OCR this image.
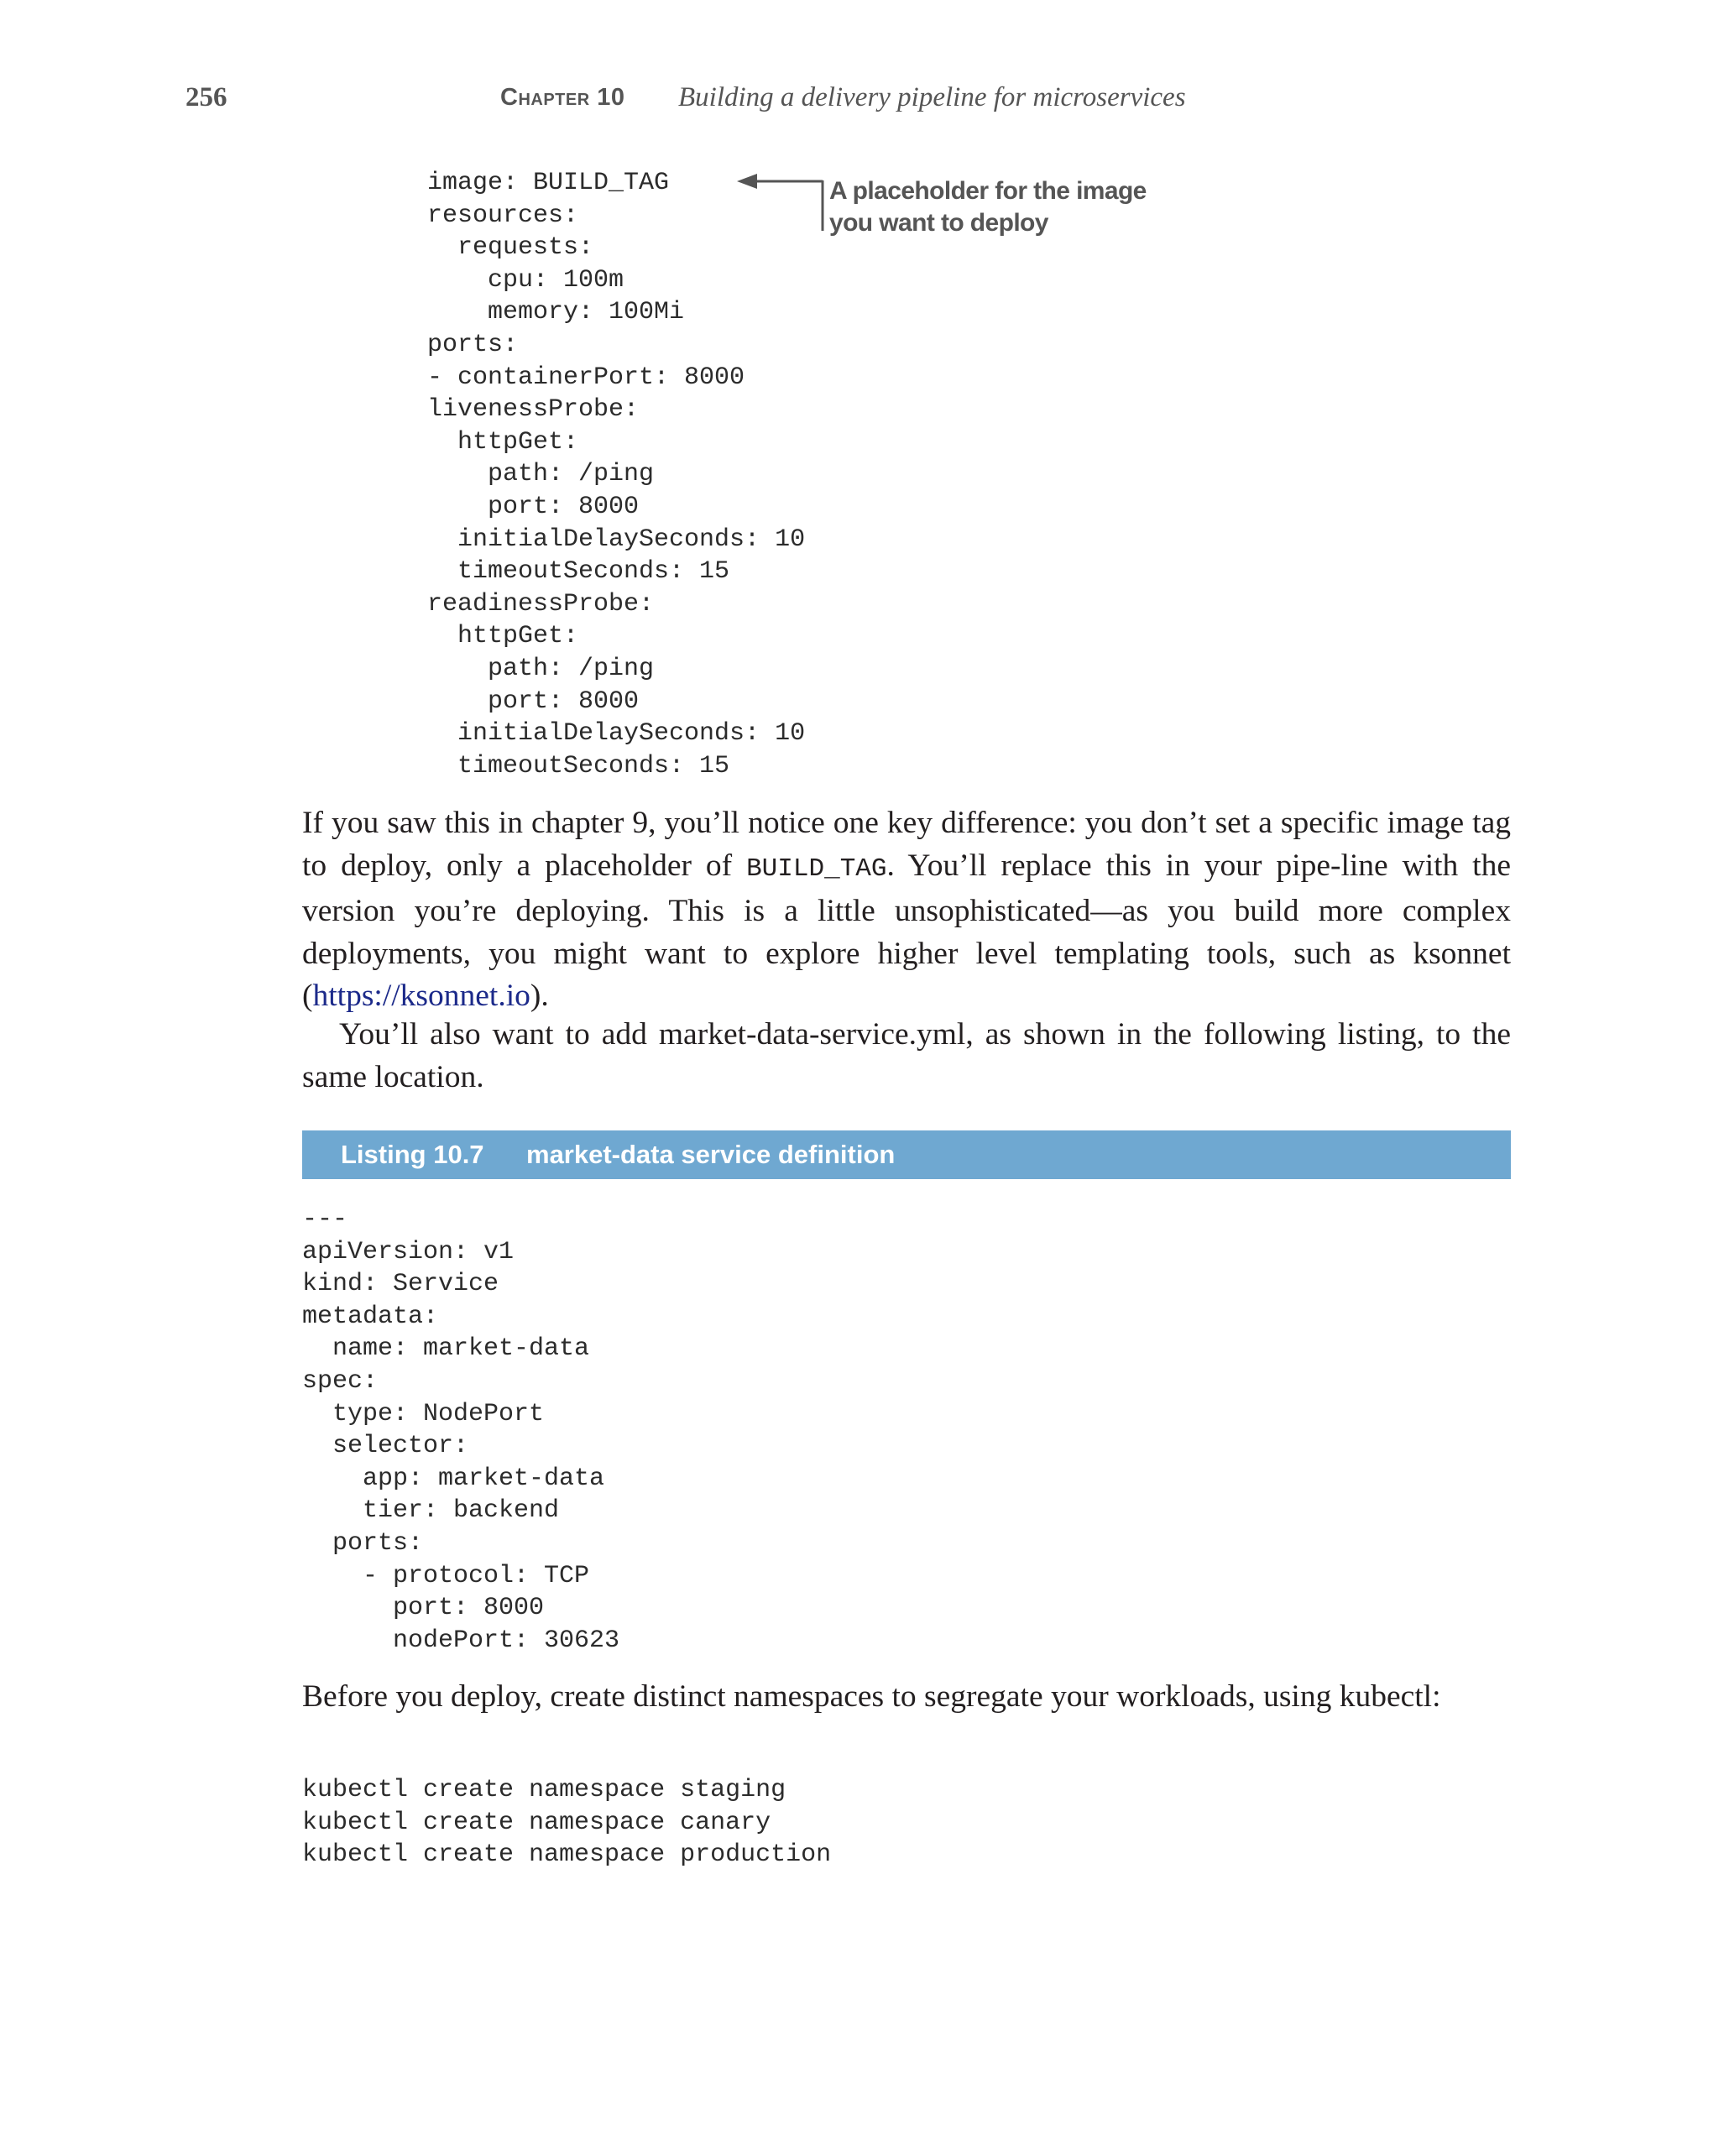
256	Chapter 10 Building a delivery pipeline for microservices
image: BUILD_TAG
resources:
requests:
cpu: 100m
memory: 100Mi
ports:
- containerPort: 8000
livenessProbe:
httpGet:
path: /ping
port: 8000
initialDelaySeconds: 10
timeoutSeconds: 15
readinessProbe:
httpGet:
path: /ping
port: 8000
initialDelaySeconds: 10
timeoutSeconds: 15
A placeholder for the image you want to deploy

If you saw this in chapter 9, you’ll notice one key difference: you don’t set a specific image tag to deploy, only a placeholder of BUILD_TAG. You’ll replace this in your pipe-line with the version you’re deploying. This is a little unsophisticated—as you build more complex deployments, you might want to explore higher level templating tools, such as ksonnet (https://ksonnet.io).

You’ll also want to add market-data-service.yml, as shown in the following listing, to the same location.

Listing 10.7 market-data service definition
---
apiVersion: v1
kind: Service
metadata:
name: market-data
spec:
type: NodePort
selector:
app: market-data
tier: backend
ports:
- protocol: TCP
port: 8000
nodePort: 30623

Before you deploy, create distinct namespaces to segregate your workloads, using kubectl:

kubectl create namespace staging
kubectl create namespace canary
kubectl create namespace production
